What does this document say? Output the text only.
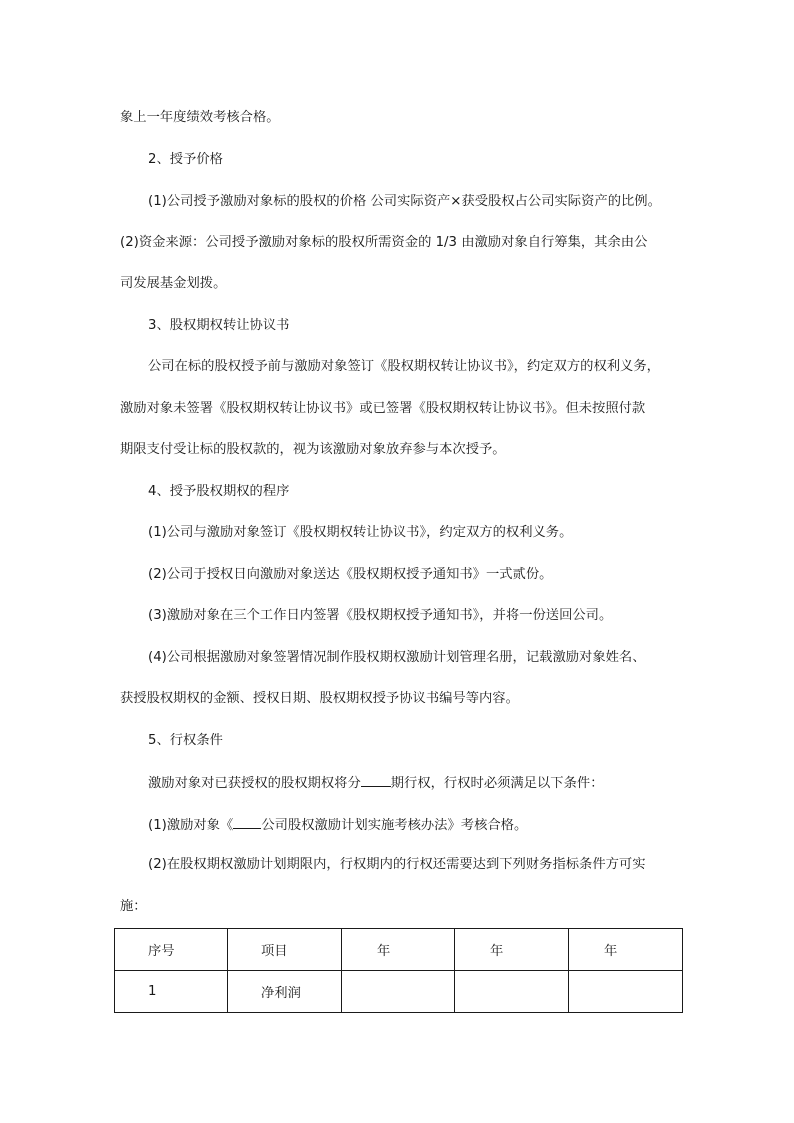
象上一年度绩效考核合格。
2、授予价格
(1)公司授予激励对象标的股权的价格 公司实际资产×获受股权占公司实际资产的比例。
(2)资金来源：公司授予激励对象标的股权所需资金的 1/3 由激励对象自行筹集，其余由公
司发展基金划拨。
3、股权期权转让协议书
公司在标的股权授予前与激励对象签订《股权期权转让协议书》，约定双方的权利义务，
激励对象未签署《股权期权转让协议书》或已签署《股权期权转让协议书》。但未按照付款
期限支付受让标的股权款的，视为该激励对象放弃参与本次授予。
4、授予股权期权的程序
(1)公司与激励对象签订《股权期权转让协议书》，约定双方的权利义务。
(2)公司于授权日向激励对象送达《股权期权授予通知书》一式贰份。
(3)激励对象在三个工作日内签署《股权期权授予通知书》，并将一份送回公司。
(4)公司根据激励对象签署情况制作股权期权激励计划管理名册，记载激励对象姓名、
获授股权期权的金额、授权日期、股权期权授予协议书编号等内容。
5、行权条件
激励对象对已获授权的股权期权将分 期行权，行权时必须满足以下条件：
(1)激励对象《 公司股权激励计划实施考核办法》考核合格。
(2)在股权期权激励计划期限内，行权期内的行权还需要达到下列财务指标条件方可实
施：
序号	项目	年	年	年
1	净利润			
